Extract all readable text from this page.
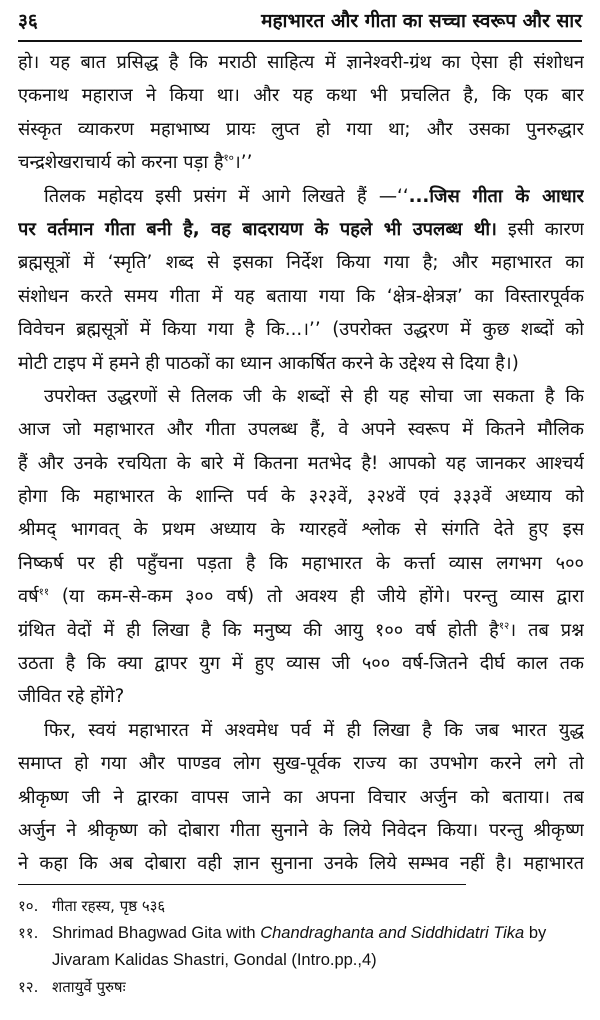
३६	महाभारत और गीता का सच्चा स्वरूप और सार
हो। यह बात प्रसिद्ध है कि मराठी साहित्य में ज्ञानेश्वरी-ग्रंथ का ऐसा ही संशोधन
एकनाथ महाराज ने किया था। और यह कथा भी प्रचलित है, कि एक बार
संस्कृत व्याकरण महाभाष्य प्रायः लुप्त हो गया था; और उसका पुनरुद्धार
चन्द्रशेखराचार्य को करना पड़ा है$^{१०}$।’’
तिलक महोदय इसी प्रसंग में आगे लिखते हैं —‘‘...जिस गीता के आधार
पर वर्तमान गीता बनी है, वह बादरायण के पहले भी उपलब्ध थी। इसी कारण
ब्रह्मसूत्रों में ‘स्मृति’ शब्द से इसका निर्देश किया गया है; और महाभारत का
संशोधन करते समय गीता में यह बताया गया कि ‘क्षेत्र-क्षेत्रज्ञ’ का विस्तारपूर्वक
विवेचन ब्रह्मसूत्रों में किया गया है कि...।’’ (उपरोक्त उद्धरण में कुछ शब्दों को
मोटी टाइप में हमने ही पाठकों का ध्यान आकर्षित करने के उद्देश्य से दिया है।)
उपरोक्त उद्धरणों से तिलक जी के शब्दों से ही यह सोचा जा सकता है कि
आज जो महाभारत और गीता उपलब्ध हैं, वे अपने स्वरूप में कितने मौलिक
हैं और उनके रचयिता के बारे में कितना मतभेद है! आपको यह जानकर आश्चर्य
होगा कि महाभारत के शान्ति पर्व के ३२३वें, ३२४वें एवं ३३३वें अध्याय को
श्रीमद् भागवत् के प्रथम अध्याय के ग्यारहवें श्लोक से संगति देते हुए इस
निष्कर्ष पर ही पहुँचना पड़ता है कि महाभारत के कर्त्ता व्यास लगभग ५००
वर्ष$^{११}$ (या कम-से-कम ३०० वर्ष) तो अवश्य ही जीये होंगे। परन्तु व्यास द्वारा
ग्रंथित वेदों में ही लिखा है कि मनुष्य की आयु १०० वर्ष होती है$^{१२}$। तब प्रश्न
उठता है कि क्या द्वापर युग में हुए व्यास जी ५०० वर्ष-जितने दीर्घ काल तक
जीवित रहे होंगे?
फिर, स्वयं महाभारत में अश्वमेध पर्व में ही लिखा है कि जब भारत युद्ध
समाप्त हो गया और पाण्डव लोग सुख-पूर्वक राज्य का उपभोग करने लगे तो
श्रीकृष्ण जी ने द्वारका वापस जाने का अपना विचार अर्जुन को बताया। तब
अर्जुन ने श्रीकृष्ण को दोबारा गीता सुनाने के लिये निवेदन किया। परन्तु श्रीकृष्ण
ने कहा कि अब दोबारा वही ज्ञान सुनाना उनके लिये सम्भव नहीं है। महाभारत
१०. गीता रहस्य, पृष्ठ ५३६
११. Shrimad Bhagwad Gita with Chandraghanta and Siddhidatri Tika by
Jivaram Kalidas Shastri, Gondal (Intro.pp.,4)
१२. शतायुर्वे पुरुषः
